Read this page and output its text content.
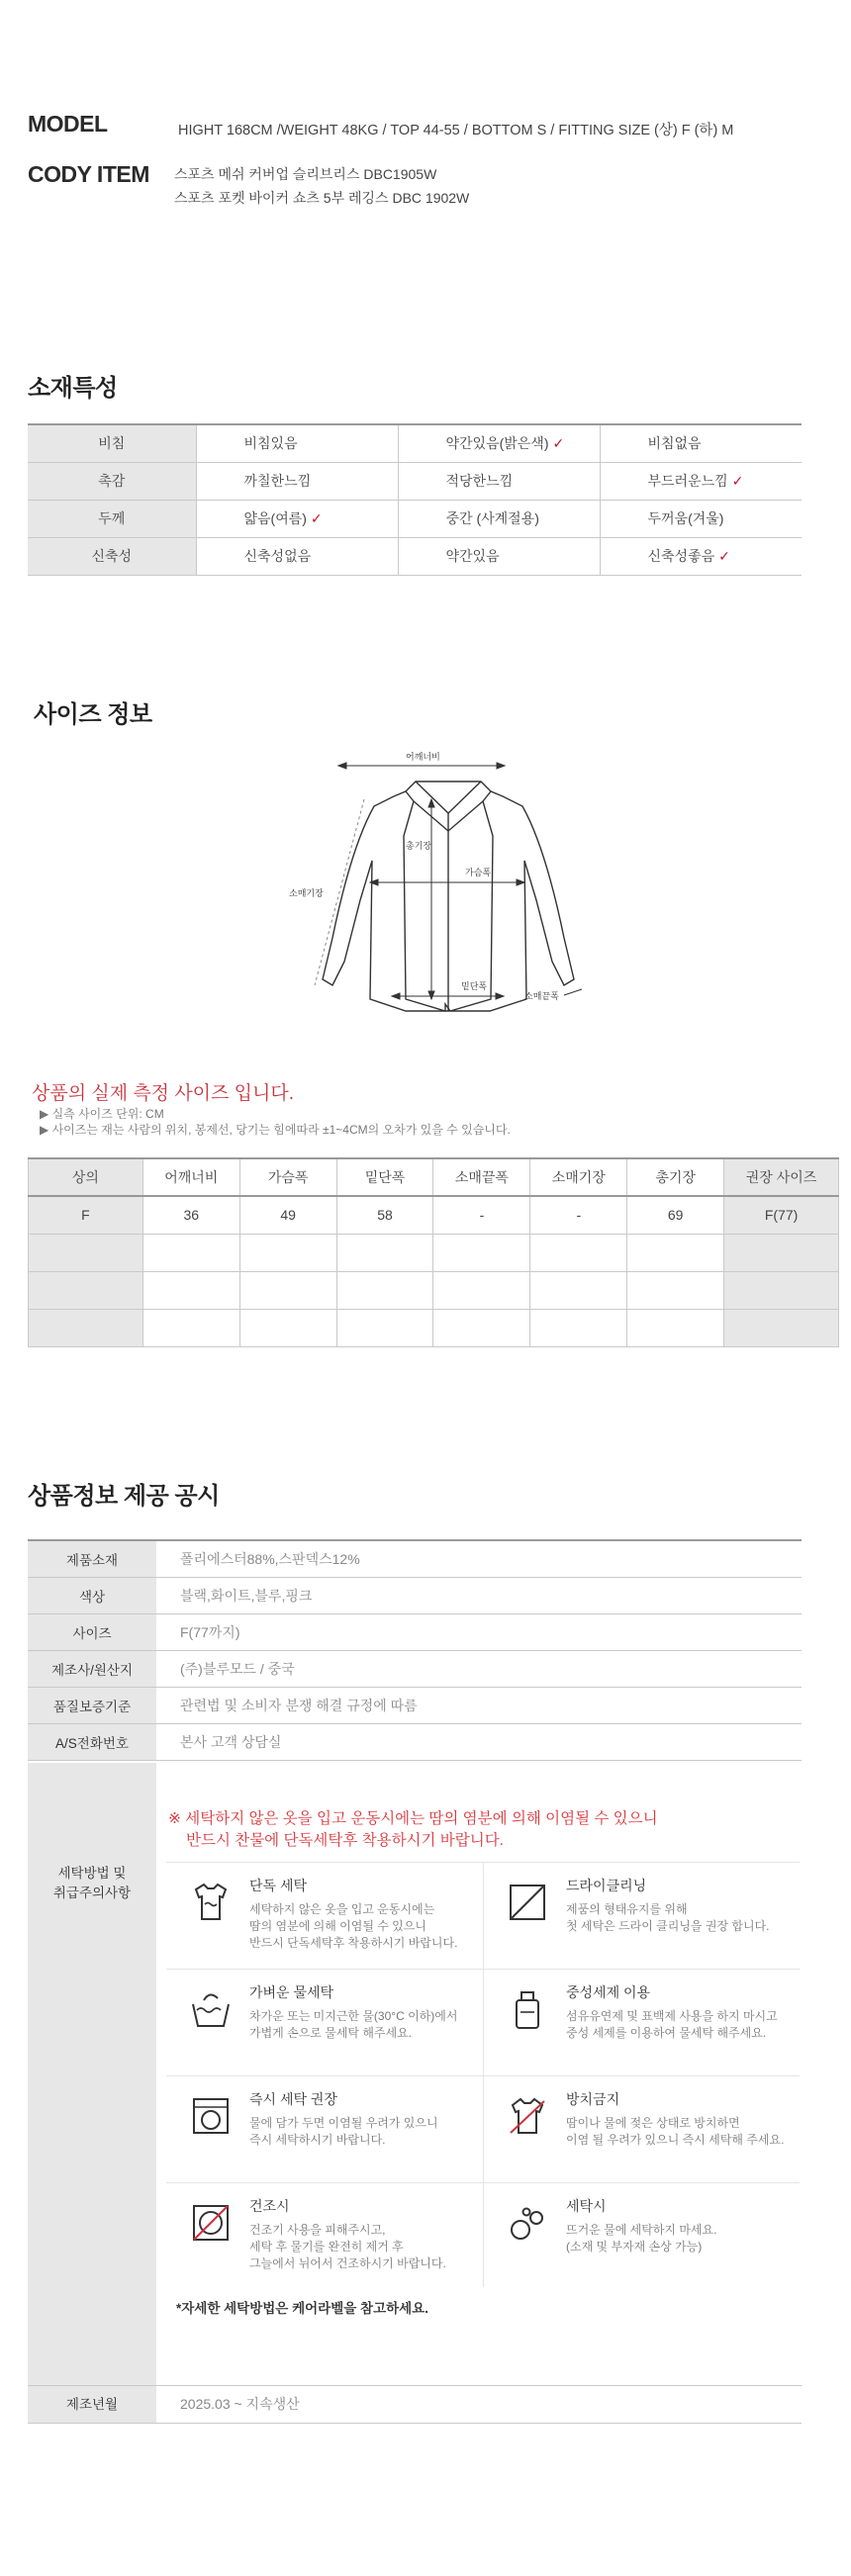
MODEL	HIGHT 168CM /WEIGHT 48KG / TOP 44-55 / BOTTOM S / FITTING SIZE (상) F (하) M
CODY ITEM 스포츠 메쉬 커버업 슬리브리스 DBC1905W
스포츠 포켓 바이커 쇼츠 5부 레깅스 DBC 1902W
소재특성
비침	비침있음	약간있음(밝은색) ✓	비침없음
촉감	까칠한느낌	적당한느낌	부드러운느낌 ✓
두께	얇음(여름) ✓	중간 (사계절용)	두꺼움(겨울)
신축성	신축성없음	약간있음	신축성좋음 ✓
사이즈 정보
어깨너비
총기장
가슴폭
소매기장
밑단폭
소매끝폭
상품의 실제 측정 사이즈 입니다.
▶ 실측 사이즈 단위: CM
▶ 사이즈는 재는 사람의 위치, 봉제선, 당기는 힘에따라 ±1~4CM의 오차가 있을 수 있습니다.
상의	어깨너비	가슴폭	밑단폭	소매끝폭	소매기장	총기장	권장 사이즈
F	36	49	58	-	-	69	F(77)

상품정보 제공 공시
제품소재	폴리에스터88%,스판덱스12%
색상	블랙,화이트,블루,핑크
사이즈	F(77까지)
제조사/원산지	(주)블루모드 / 중국
품질보증기준	관련법 및 소비자 분쟁 해결 규정에 따름
A/S전화번호	본사 고객 상담실
세탁방법 및
취급주의사항
※ 세탁하지 않은 옷을 입고 운동시에는 땀의 염분에 의해 이염될 수 있으니
반드시 찬물에 단독세탁후 착용하시기 바랍니다.
단독 세탁
세탁하지 않은 옷을 입고 운동시에는
땀의 염분에 의해 이염될 수 있으니
반드시 단독세탁후 착용하시기 바랍니다.
드라이클리닝
제품의 형태유지를 위해
첫 세탁은 드라이 클리닝을 권장 합니다.
가벼운 물세탁
차가운 또는 미지근한 물(30°C 이하)에서
가볍게 손으로 물세탁 해주세요.
중성세제 이용
섬유유연제 및 표백제 사용을 하지 마시고
중성 세제를 이용하여 물세탁 해주세요.
즉시 세탁 권장
물에 담가 두면 이염될 우려가 있으니
즉시 세탁하시기 바랍니다.
방치금지
땀이나 물에 젖은 상태로 방치하면
이염 될 우려가 있으니 즉시 세탁해 주세요.
건조시
건조기 사용을 피해주시고,
세탁 후 물기를 완전히 제거 후
그늘에서 뉘어서 건조하시기 바랍니다.
세탁시
뜨거운 물에 세탁하지 마세요.
(소재 및 부자재 손상 가능)
*자세한 세탁방법은 케어라벨을 참고하세요.
제조년월	2025.03 ~ 지속생산
